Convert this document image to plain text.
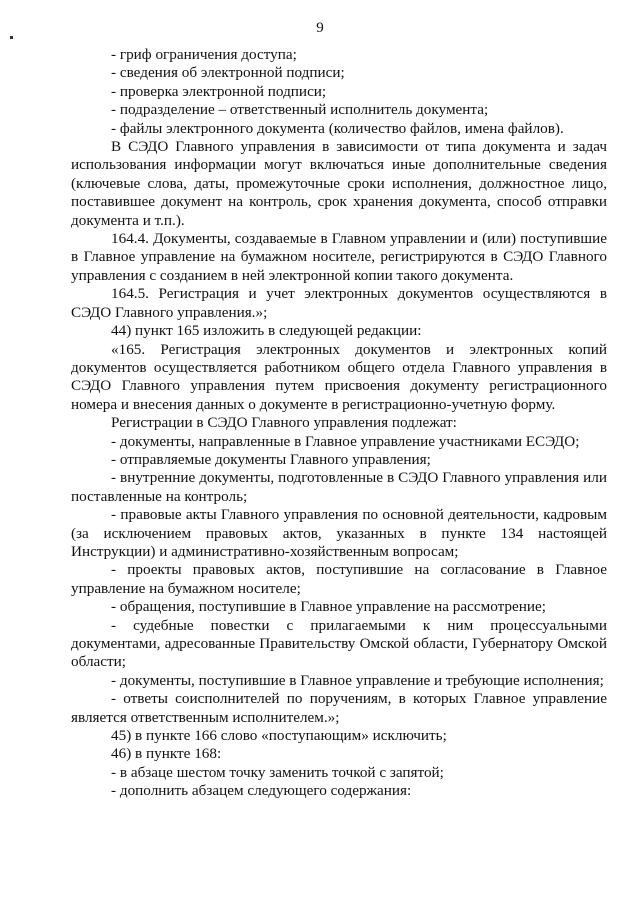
9

- гриф ограничения доступа;

- сведения об электронной подписи;

- проверка электронной подписи;

- подразделение – ответственный исполнитель документа;

- файлы электронного документа (количество файлов, имена файлов).

В СЭДО Главного управления в зависимости от типа документа и задач использования информации могут включаться иные дополнительные сведения (ключевые слова, даты, промежуточные сроки исполнения, должностное лицо, поставившее документ на контроль, срок хранения документа, способ отправки документа и т.п.).

164.4. Документы, создаваемые в Главном управлении и (или) поступившие в Главное управление на бумажном носителе, регистрируются в СЭДО Главного управления с созданием в ней электронной копии такого документа.

164.5. Регистрация и учет электронных документов осуществляются в СЭДО Главного управления.»;

44) пункт 165 изложить в следующей редакции:

«165. Регистрация электронных документов и электронных копий документов осуществляется работником общего отдела Главного управления в СЭДО Главного управления путем присвоения документу регистрационного номера и внесения данных о документе в регистрационно-учетную форму.

Регистрации в СЭДО Главного управления подлежат:

- документы, направленные в Главное управление участниками ЕСЭДО;

- отправляемые документы Главного управления;

- внутренние документы, подготовленные в СЭДО Главного управления или поставленные на контроль;

- правовые акты Главного управления по основной деятельности, кадровым (за исключением правовых актов, указанных в пункте 134 настоящей Инструкции) и административно-хозяйственным вопросам;

- проекты правовых актов, поступившие на согласование в Главное управление на бумажном носителе;

- обращения, поступившие в Главное управление на рассмотрение;

- судебные повестки с прилагаемыми к ним процессуальными документами, адресованные Правительству Омской области, Губернатору Омской области;

- документы, поступившие в Главное управление и требующие исполнения;

- ответы соисполнителей по поручениям, в которых Главное управление является ответственным исполнителем.»;

45) в пункте 166 слово «поступающим» исключить;

46) в пункте 168:

- в абзаце шестом точку заменить точкой с запятой;

- дополнить абзацем следующего содержания:
